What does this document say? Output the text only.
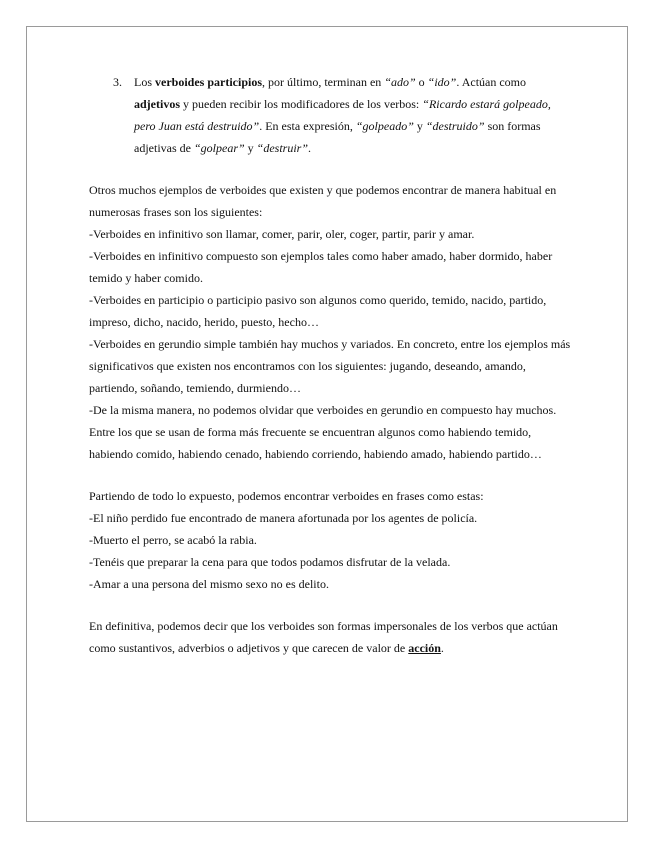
3. Los verboides participios, por último, terminan en “ado” o “ido”. Actúan como adjetivos y pueden recibir los modificadores de los verbos: “Ricardo estará golpeado, pero Juan está destruido”. En esta expresión, “golpeado” y “destruido” son formas adjetivas de “golpear” y “destruir”.

Otros muchos ejemplos de verboides que existen y que podemos encontrar de manera habitual en numerosas frases son los siguientes:

-Verboides en infinitivo son llamar, comer, parir, oler, coger, partir, parir y amar.

-Verboides en infinitivo compuesto son ejemplos tales como haber amado, haber dormido, haber temido y haber comido.

-Verboides en participio o participio pasivo son algunos como querido, temido, nacido, partido, impreso, dicho, nacido, herido, puesto, hecho…

-Verboides en gerundio simple también hay muchos y variados. En concreto, entre los ejemplos más significativos que existen nos encontramos con los siguientes: jugando, deseando, amando, partiendo, soñando, temiendo, durmiendo…

-De la misma manera, no podemos olvidar que verboides en gerundio en compuesto hay muchos. Entre los que se usan de forma más frecuente se encuentran algunos como habiendo temido, habiendo comido, habiendo cenado, habiendo corriendo, habiendo amado, habiendo partido…

Partiendo de todo lo expuesto, podemos encontrar verboides en frases como estas:

-El niño perdido fue encontrado de manera afortunada por los agentes de policía.

-Muerto el perro, se acabó la rabia.

-Tenéis que preparar la cena para que todos podamos disfrutar de la velada.

-Amar a una persona del mismo sexo no es delito.

En definitiva, podemos decir que los verboides son formas impersonales de los verbos que actúan como sustantivos, adverbios o adjetivos y que carecen de valor de acción.
